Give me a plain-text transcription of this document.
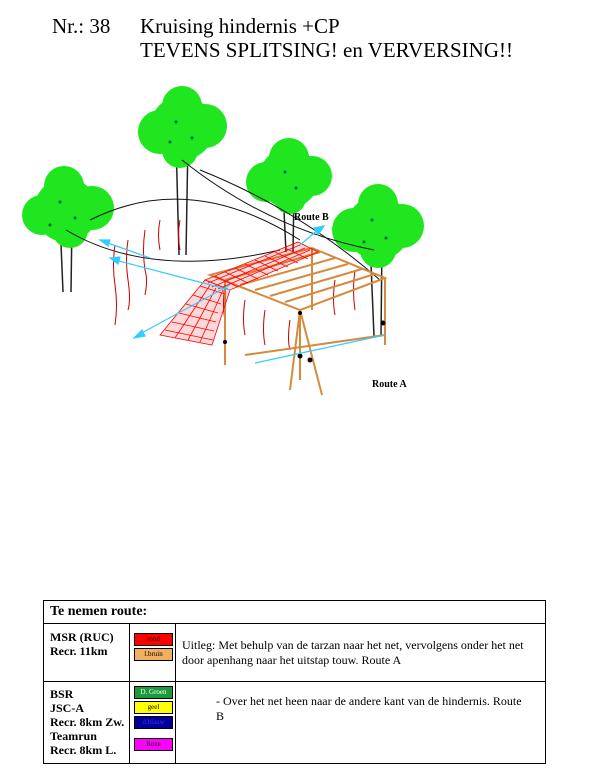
Nr.: 38 Kruising hindernis +CP
TEVENS SPLITSING! en VERVERSING!!
Route B
Route A
Te nemen route:
MSR (RUC)
Recr. 11km
rood
l.bruin
Uitleg: Met behulp van de tarzan naar het net, vervolgens onder het net door apenhang naar het uitstap touw. Route A
BSR
JSC-A
Recr. 8km Zw.
Teamrun
Recr. 8km L.
D. Groen
geel
d.blauw
Roze
- Over het net heen naar de andere kant van de hindernis. Route B
